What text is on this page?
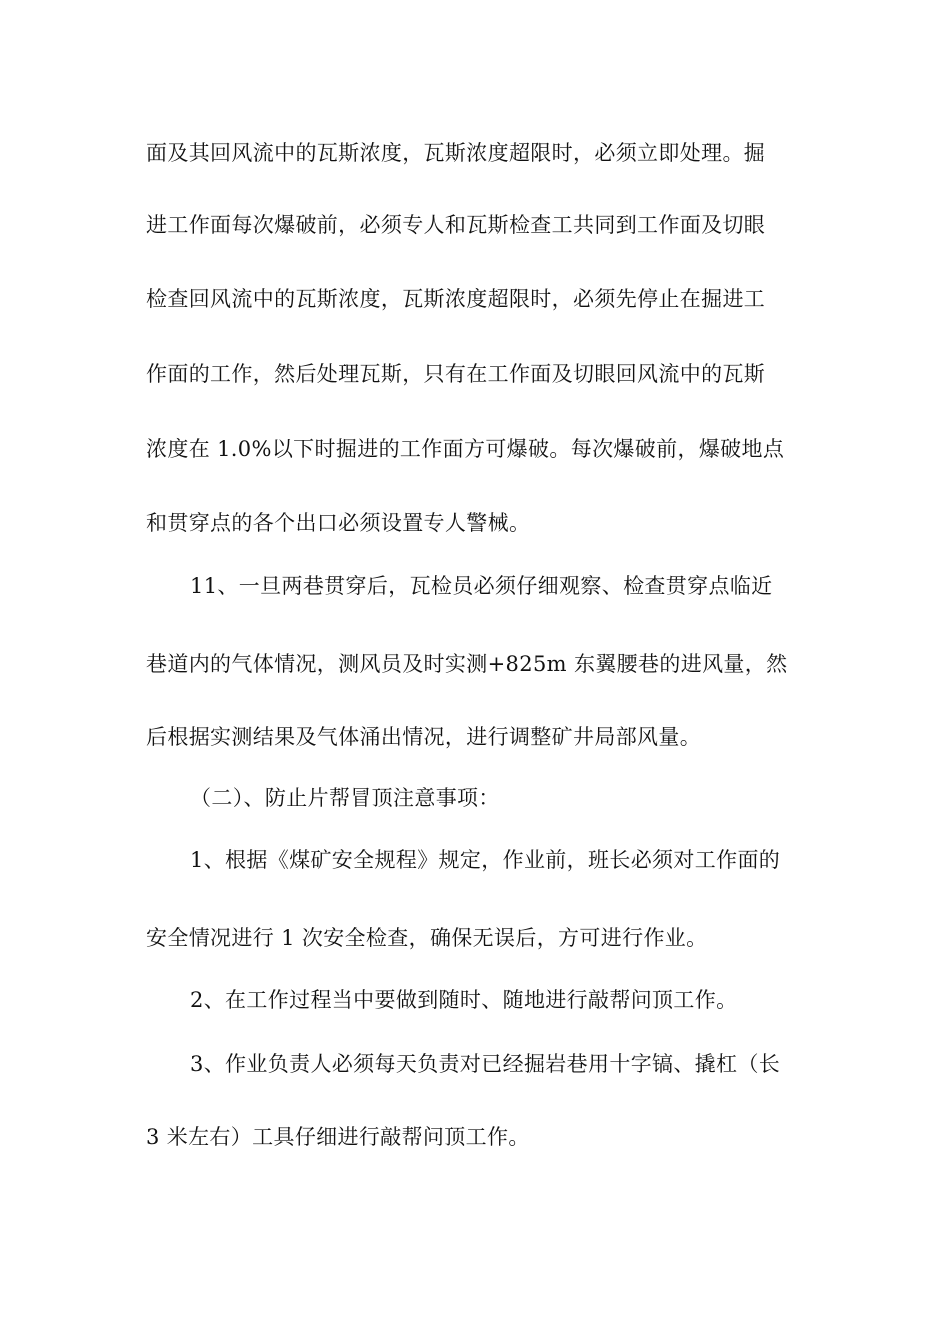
面及其回风流中的瓦斯浓度，瓦斯浓度超限时，必须立即处理。掘
进工作面每次爆破前，必须专人和瓦斯检查工共同到工作面及切眼
检查回风流中的瓦斯浓度，瓦斯浓度超限时，必须先停止在掘进工
作面的工作，然后处理瓦斯，只有在工作面及切眼回风流中的瓦斯
浓度在 1.0%以下时掘进的工作面方可爆破。每次爆破前，爆破地点
和贯穿点的各个出口必须设置专人警械。
11、一旦两巷贯穿后，瓦检员必须仔细观察、检查贯穿点临近
巷道内的气体情况，测风员及时实测+825m 东翼腰巷的进风量，然
后根据实测结果及气体涌出情况，进行调整矿井局部风量。
（二）、防止片帮冒顶注意事项：
1、根据《煤矿安全规程》规定，作业前，班长必须对工作面的
安全情况进行 1 次安全检查，确保无误后，方可进行作业。
2、在工作过程当中要做到随时、随地进行敲帮问顶工作。
3、作业负责人必须每天负责对已经掘岩巷用十字镐、撬杠（长
3 米左右）工具仔细进行敲帮问顶工作。
